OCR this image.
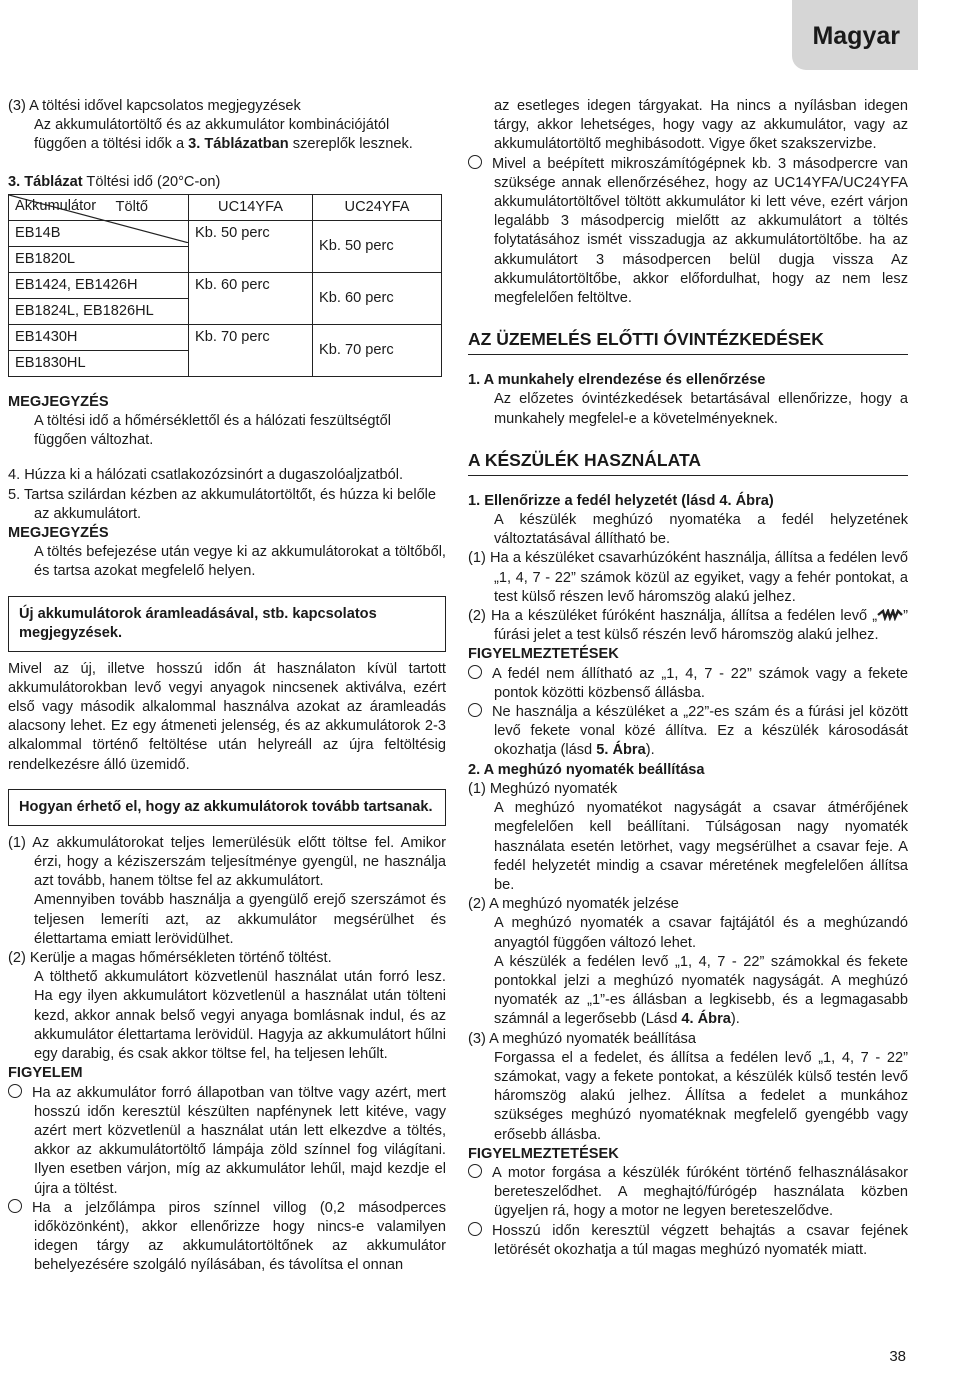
Magyar

(3) A töltési idővel kapcsolatos megjegyzések

Az akkumulátortöltő és az akkumulátor kombinációjától

függően a töltési idők a 3. Táblázatban szereplők lesznek.

3. Táblázat Töltési idő (20°C-on)

Töltő
Akkumulátor	UC14YFA	UC24YFA
EB14B	Kb. 50 perc	Kb. 50 perc
EB1820L		
EB1424, EB1426H	Kb. 60 perc	Kb. 60 perc
EB1824L, EB1826HL		
EB1430H	Kb. 70 perc	Kb. 70 perc
EB1830HL		

MEGJEGYZÉS

A töltési idő a hőmérséklettől és a hálózati feszültségtől függően változhat.

4. Húzza ki a hálózati csatlakozózsinórt a dugaszolóaljzatból.

5. Tartsa szilárdan kézben az akkumulátortöltőt, és húzza ki belőle az akkumulátort.

MEGJEGYZÉS

A töltés befejezése után vegye ki az akkumulátorokat a töltőből, és tartsa azokat megfelelő helyen.

Új akkumulátorok áramleadásával, stb. kapcsolatos megjegyzések.

Mivel az új, illetve hosszú időn át használaton kívül tartott akkumulátorokban levő vegyi anyagok nincsenek aktiválva, ezért első vagy második alkalommal használva azokat az áramleadás alacsony lehet. Ez egy átmeneti jelenség, és az akkumulátorok 2-3 alkalommal történő feltöltése után helyreáll az újra feltöltésig rendelkezésre álló üzemidő.

Hogyan érhető el, hogy az akkumulátorok tovább tartsanak.

(1) Az akkumulátorokat teljes lemerülésük előtt töltse fel. Amikor érzi, hogy a kéziszerszám teljesítménye gyengül, ne használja azt tovább, hanem töltse fel az akkumulátort.

Amennyiben tovább használja a gyengülő erejő szerszámot és teljesen lemeríti azt, az akkumulátor megsérülhet és élettartama emiatt lerövidülhet.

(2) Kerülje a magas hőmérsékleten történő töltést.

A tölthető akkumulátort közvetlenül használat után forró lesz. Ha egy ilyen akkumulátort közvetlenül a használat után tölteni kezd, akkor annak belső vegyi anyaga bomlásnak indul, és az akkumulátor élettartama lerövidül. Hagyja az akkumulátort hűlni egy darabig, és csak akkor töltse fel, ha teljesen lehűlt.

FIGYELEM

Ha az akkumulátor forró állapotban van töltve vagy azért, mert hosszú időn keresztül készülten napfénynek lett kitéve, vagy azért mert közvetlenül a használat után lett elkezdve a töltés, akkor az akkumulátortöltő lámpája zöld színnel fog világítani. Ilyen esetben várjon, míg az akkumulátor lehűl, majd kezdje el újra a töltést.

Ha a jelzőlámpa piros színnel villog (0,2 másodperces időközönként), akkor ellenőrizze hogy nincs-e valamilyen idegen tárgy az akkumulátortöltőnek az akkumulátor behelyezésére szolgáló nyílásában, és távolítsa el onnan

az esetleges idegen tárgyakat. Ha nincs a nyílásban idegen tárgy, akkor lehetséges, hogy vagy az akkumulátor, vagy az akkumulátortöltő meghibásodott. Vigye őket szakszervizbe.

Mivel a beépített mikroszámítógépnek kb. 3 másodpercre van szüksége annak ellenőrzéséhez, hogy az UC14YFA/UC24YFA akkumulátortöltővel töltött akkumulátor ki lett véve, ezért várjon legalább 3 másodpercig mielőtt az akkumulátort a töltés folytatásához ismét visszadugja az akkumulátortöltőbe. ha az akkumulátort 3 másodpercen belül dugja vissza Az akkumulátortöltőbe, akkor előfordulhat, hogy az nem lesz megfelelően feltöltve.

AZ ÜZEMELÉS ELŐTTI ÓVINTÉZKEDÉSEK

1. A munkahely elrendezése és ellenőrzése

Az előzetes óvintézkedések betartásával ellenőrizze, hogy a munkahely megfelel-e a követelményeknek.

A KÉSZÜLÉK HASZNÁLATA

1. Ellenőrizze a fedél helyzetét (lásd 4. Ábra)

A készülék meghúzó nyomatéka a fedél helyzetének változtatásával állítható be.

(1) Ha a készüléket csavarhúzóként használja, állítsa a fedélen levő „1, 4, 7 - 22” számok közül az egyiket, vagy a fehér pontokat, a test külső részen levő háromszög alakú jelhez.

(2) Ha a készüléket fúróként használja, állítsa a fedélen levő „ ” fúrási jelet a test külső részén levő háromszög alakú jelhez.

FIGYELMEZTETÉSEK

A fedél nem állítható az „1, 4, 7 - 22” számok vagy a fekete pontok közötti közbenső állásba.

Ne használja a készüléket a „22”-es szám és a fúrási jel között levő fekete vonal közé állítva. Ez a készülék károsodását okozhatja (lásd 5. Ábra).

2. A meghúzó nyomaték beállítása

(1) Meghúzó nyomaték

A meghúzó nyomatékot nagyságát a csavar átmérőjének megfelelően kell beállítani. Túlságosan nagy nyomaték használata esetén letörhet, vagy megsérülhet a csavar feje. A fedél helyzetét mindig a csavar méretének megfelelően állítsa be.

(2) A meghúzó nyomaték jelzése

A meghúzó nyomaték a csavar fajtájától és a meghúzandó anyagtól függően változó lehet.

A készülék a fedélen levő „1, 4, 7 - 22” számokkal és fekete pontokkal jelzi a meghúzó nyomaték nagyságát. A meghúzó nyomaték az „1”-es állásban a legkisebb, és a legmagasabb számnál a legerősebb (Lásd 4. Ábra).

(3) A meghúzó nyomaték beállítása

Forgassa el a fedelet, és állítsa a fedélen levő „1, 4, 7 - 22” számokat, vagy a fekete pontokat, a készülék külső testén levő háromszög alakú jelhez. Állítsa a fedelet a munkához szükséges meghúzó nyomatéknak megfelelő gyengébb vagy erősebb állásba.

FIGYELMEZTETÉSEK

A motor forgása a készülék fúróként történő felhasználásakor bereteszelődhet. A meghajtó/fúrógép használata közben ügyeljen rá, hogy a motor ne legyen bereteszelődve.

Hosszú időn keresztül végzett behajtás a csavar fejének letörését okozhatja a túl magas meghúzó nyomaték miatt.

38
